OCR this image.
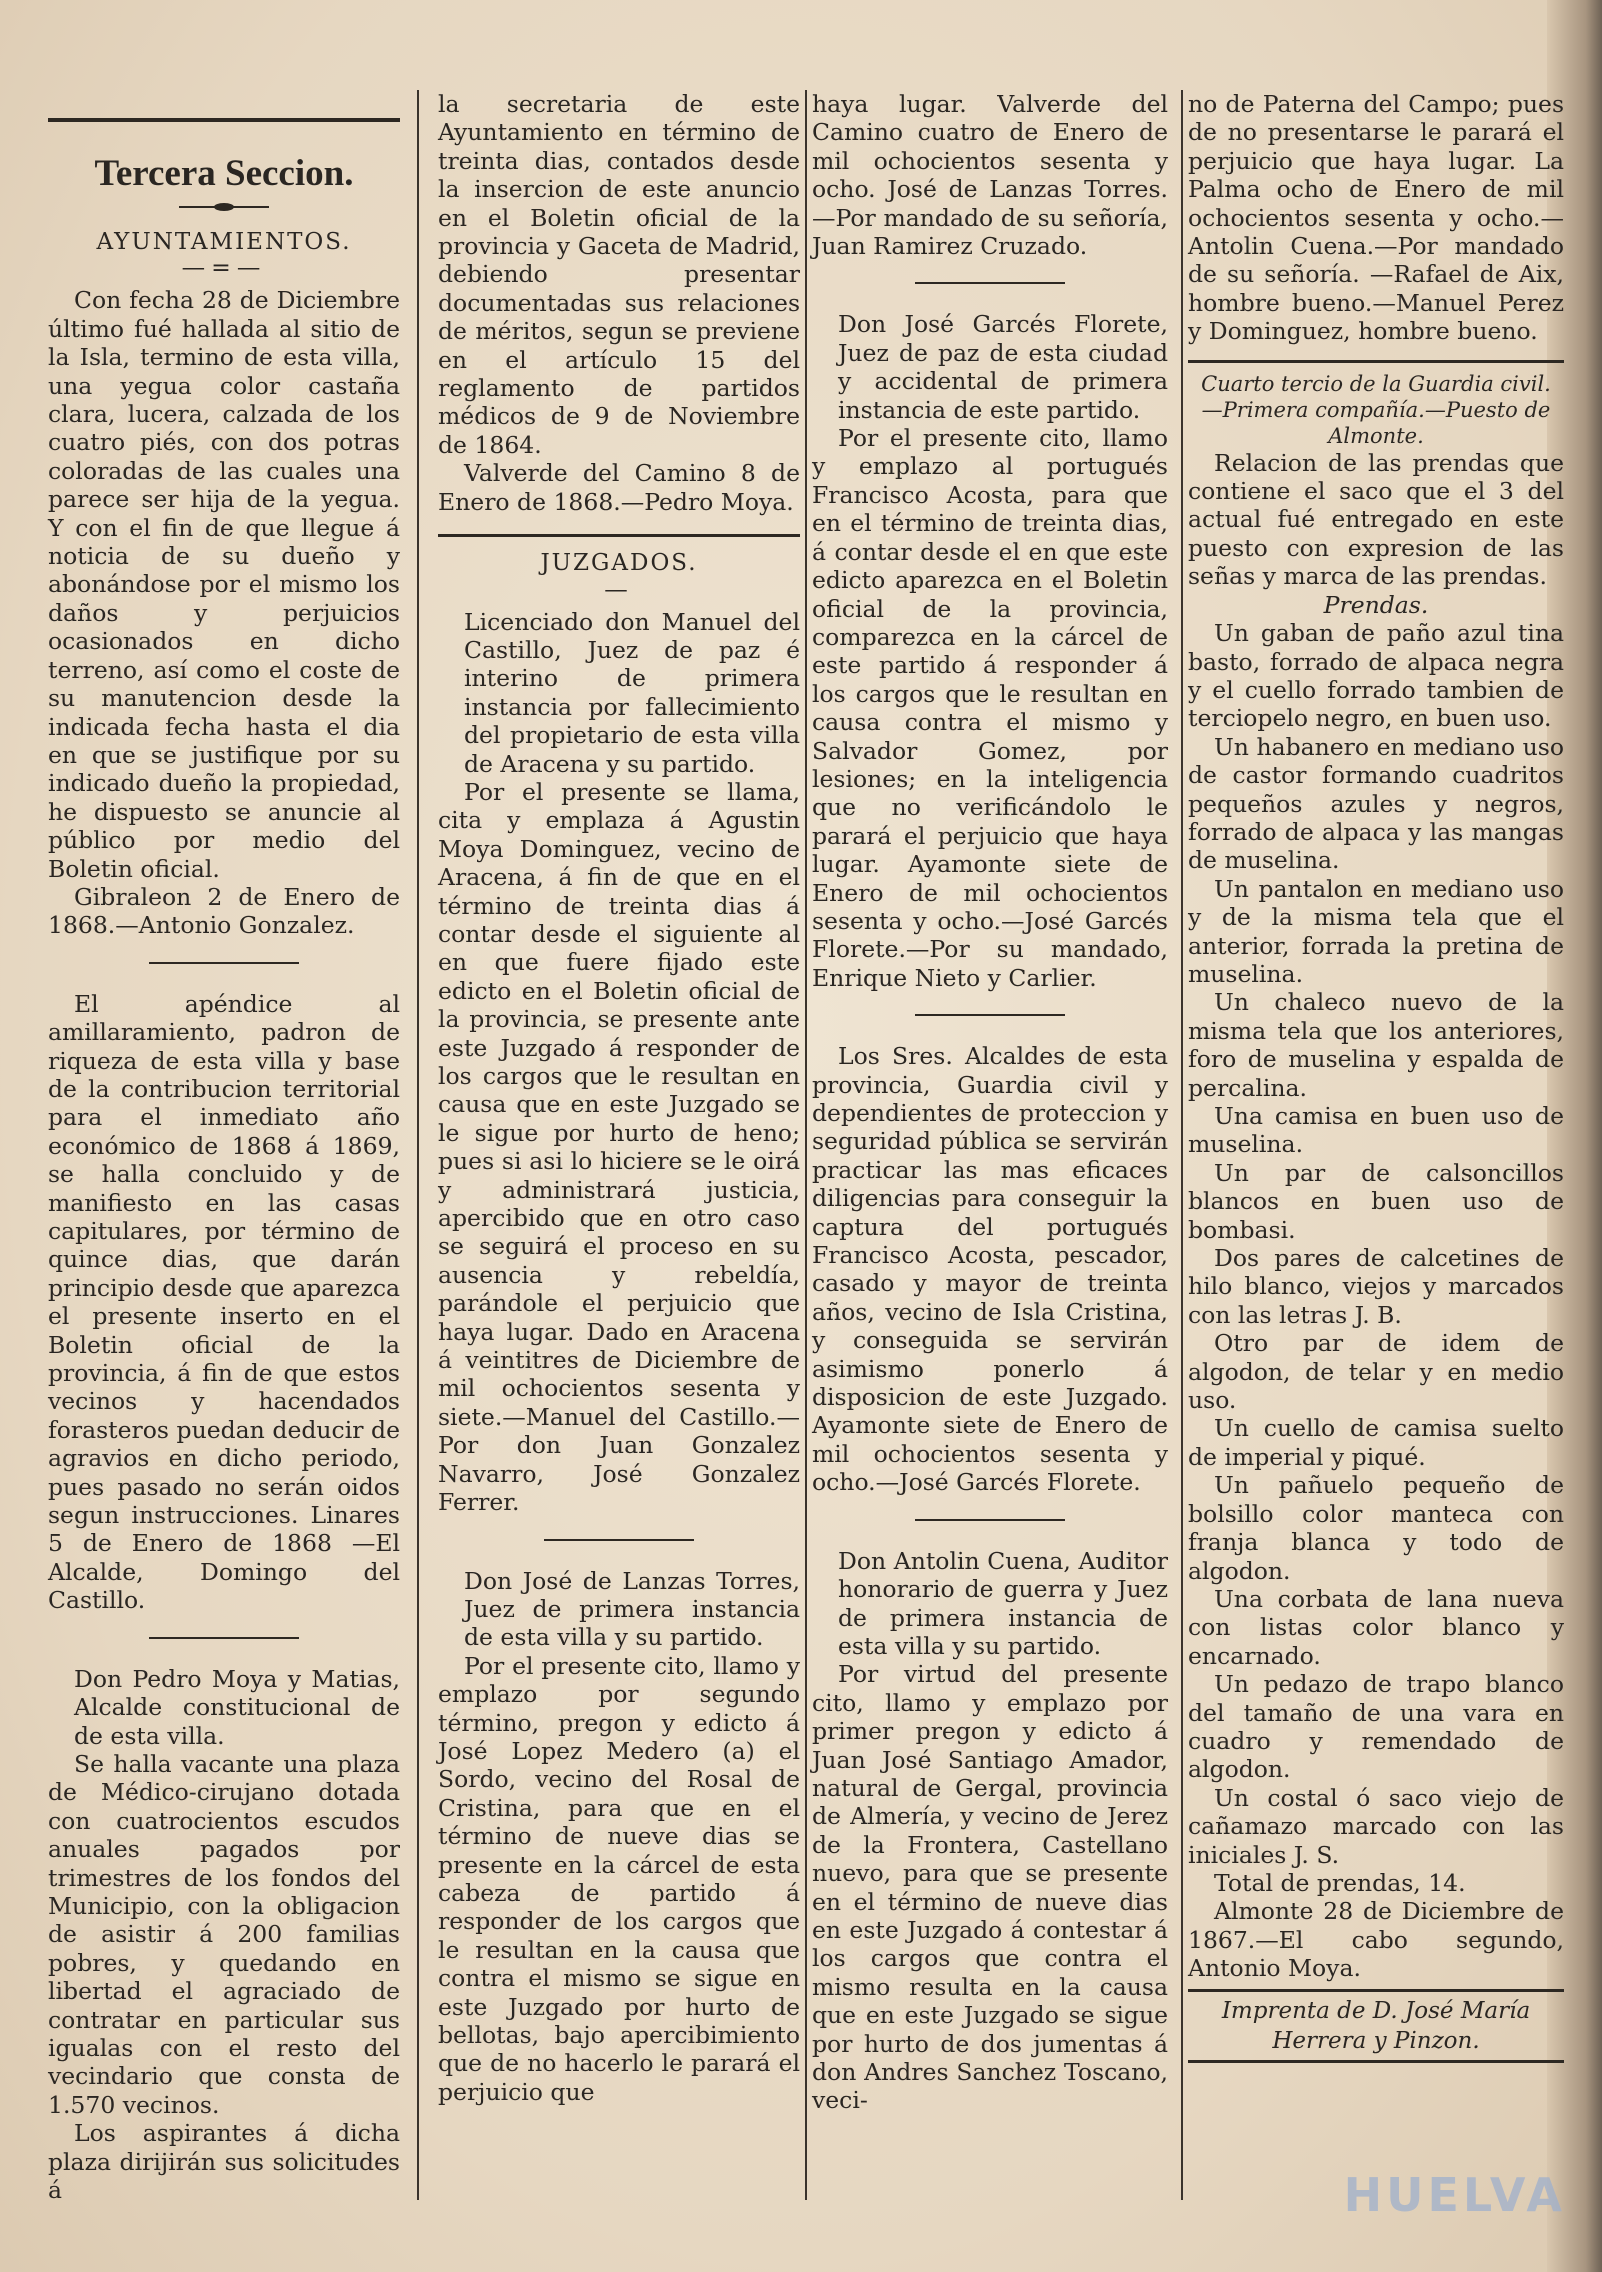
Tercera Seccion.
AYUNTAMIENTOS.
—=—

Con fecha 28 de Diciembre último fué hallada al sitio de la Isla, termino de esta villa, una yegua color castaña clara, lucera, calzada de los cuatro piés, con dos potras coloradas de las cuales una parece ser hija de la yegua. Y con el fin de que llegue á noticia de su dueño y abonándose por el mismo los daños y perjuicios ocasionados en dicho terreno, así como el coste de su manutencion desde la indicada fecha hasta el dia en que se justifique por su indicado dueño la propiedad, he dispuesto se anuncie al público por medio del Boletin oficial.

Gibraleon 2 de Enero de 1868.—Antonio Gonzalez.

El apéndice al amillaramiento, padron de riqueza de esta villa y base de la contribucion territorial para el inmediato año económico de 1868 á 1869, se halla concluido y de manifiesto en las casas capitulares, por término de quince dias, que darán principio desde que aparezca el presente inserto en el Boletin oficial de la provincia, á fin de que estos vecinos y hacendados forasteros puedan deducir de agravios en dicho periodo, pues pasado no serán oidos segun instrucciones. Linares 5 de Enero de 1868 —El Alcalde, Domingo del Castillo.

Don Pedro Moya y Matias, Alcalde constitucional de de esta villa.

Se halla vacante una plaza de Médico-cirujano dotada con cuatrocientos escudos anuales pagados por trimestres de los fondos del Municipio, con la obligacion de asistir á 200 familias pobres, y quedando en libertad el agraciado de contratar en particular sus igualas con el resto del vecindario que consta de 1.570 vecinos.

Los aspirantes á dicha plaza dirijirán sus solicitudes á

la secretaria de este Ayuntamiento en término de treinta dias, contados desde la insercion de este anuncio en el Boletin oficial de la provincia y Gaceta de Madrid, debiendo presentar documentadas sus relaciones de méritos, segun se previene en el artículo 15 del reglamento de partidos médicos de 9 de Noviembre de 1864.

Valverde del Camino 8 de Enero de 1868.—Pedro Moya.

JUZGADOS.
—

Licenciado don Manuel del Castillo, Juez de paz é interino de primera instancia por fallecimiento del propietario de esta villa de Aracena y su partido.

Por el presente se llama, cita y emplaza á Agustin Moya Dominguez, vecino de Aracena, á fin de que en el término de treinta dias á contar desde el siguiente al en que fuere fijado este edicto en el Boletin oficial de la provincia, se presente ante este Juzgado á responder de los cargos que le resultan en causa que en este Juzgado se le sigue por hurto de heno; pues si asi lo hiciere se le oirá y administrará justicia, apercibido que en otro caso se seguirá el proceso en su ausencia y rebeldía, parándole el perjuicio que haya lugar. Dado en Aracena á veintitres de Diciembre de mil ochocientos sesenta y siete.—Manuel del Castillo.—Por don Juan Gonzalez Navarro, José Gonzalez Ferrer.

Don José de Lanzas Torres, Juez de primera instancia de esta villa y su partido.

Por el presente cito, llamo y emplazo por segundo término, pregon y edicto á José Lopez Medero (a) el Sordo, vecino del Rosal de Cristina, para que en el término de nueve dias se presente en la cárcel de esta cabeza de partido á responder de los cargos que le resultan en la causa que contra el mismo se sigue en este Juzgado por hurto de bellotas, bajo apercibimiento que de no hacerlo le parará el perjuicio que

haya lugar. Valverde del Camino cuatro de Enero de mil ochocientos sesenta y ocho. José de Lanzas Torres.—Por mandado de su señoría, Juan Ramirez Cruzado.

Don José Garcés Florete, Juez de paz de esta ciudad y accidental de primera instancia de este partido.

Por el presente cito, llamo y emplazo al portugués Francisco Acosta, para que en el término de treinta dias, á contar desde el en que este edicto aparezca en el Boletin oficial de la provincia, comparezca en la cárcel de este partido á responder á los cargos que le resultan en causa contra el mismo y Salvador Gomez, por lesiones; en la inteligencia que no verificándolo le parará el perjuicio que haya lugar. Ayamonte siete de Enero de mil ochocientos sesenta y ocho.—José Garcés Florete.—Por su mandado, Enrique Nieto y Carlier.

Los Sres. Alcaldes de esta provincia, Guardia civil y dependientes de proteccion y seguridad pública se servirán practicar las mas eficaces diligencias para conseguir la captura del portugués Francisco Acosta, pescador, casado y mayor de treinta años, vecino de Isla Cristina, y conseguida se servirán asimismo ponerlo á disposicion de este Juzgado. Ayamonte siete de Enero de mil ochocientos sesenta y ocho.—José Garcés Florete.

Don Antolin Cuena, Auditor honorario de guerra y Juez de primera instancia de esta villa y su partido.

Por virtud del presente cito, llamo y emplazo por primer pregon y edicto á Juan José Santiago Amador, natural de Gergal, provincia de Almería, y vecino de Jerez de la Frontera, Castellano nuevo, para que se presente en el término de nueve dias en este Juzgado á contestar á los cargos que contra el mismo resulta en la causa que en este Juzgado se sigue por hurto de dos jumentas á don Andres Sanchez Toscano, veci-

no de Paterna del Campo; pues de no presentarse le parará el perjuicio que haya lugar. La Palma ocho de Enero de mil ochocientos sesenta y ocho.—Antolin Cuena.—Por mandado de su señoría. —Rafael de Aix, hombre bueno.—Manuel Perez y Dominguez, hombre bueno.

Cuarto tercio de la Guardia civil. —Primera compañía.—Puesto de Almonte.

Relacion de las prendas que contiene el saco que el 3 del actual fué entregado en este puesto con expresion de las señas y marca de las prendas.

Prendas.

Un gaban de paño azul tina basto, forrado de alpaca negra y el cuello forrado tambien de terciopelo negro, en buen uso.

Un habanero en mediano uso de castor formando cuadritos pequeños azules y negros, forrado de alpaca y las mangas de muselina.

Un pantalon en mediano uso y de la misma tela que el anterior, forrada la pretina de muselina.

Un chaleco nuevo de la misma tela que los anteriores, foro de muselina y espalda de percalina.

Una camisa en buen uso de muselina.

Un par de calsoncillos blancos en buen uso de bombasi.

Dos pares de calcetines de hilo blanco, viejos y marcados con las letras J. B.

Otro par de idem de algodon, de telar y en medio uso.

Un cuello de camisa suelto de imperial y piqué.

Un pañuelo pequeño de bolsillo color manteca con franja blanca y todo de algodon.

Una corbata de lana nueva con listas color blanco y encarnado.

Un pedazo de trapo blanco del tamaño de una vara en cuadro y remendado de algodon.

Un costal ó saco viejo de cañamazo marcado con las iniciales J. S.

Total de prendas, 14.

Almonte 28 de Diciembre de 1867.—El cabo segundo, Antonio Moya.

Imprenta de D. José María Herrera y Pinzon.
HUELVA
